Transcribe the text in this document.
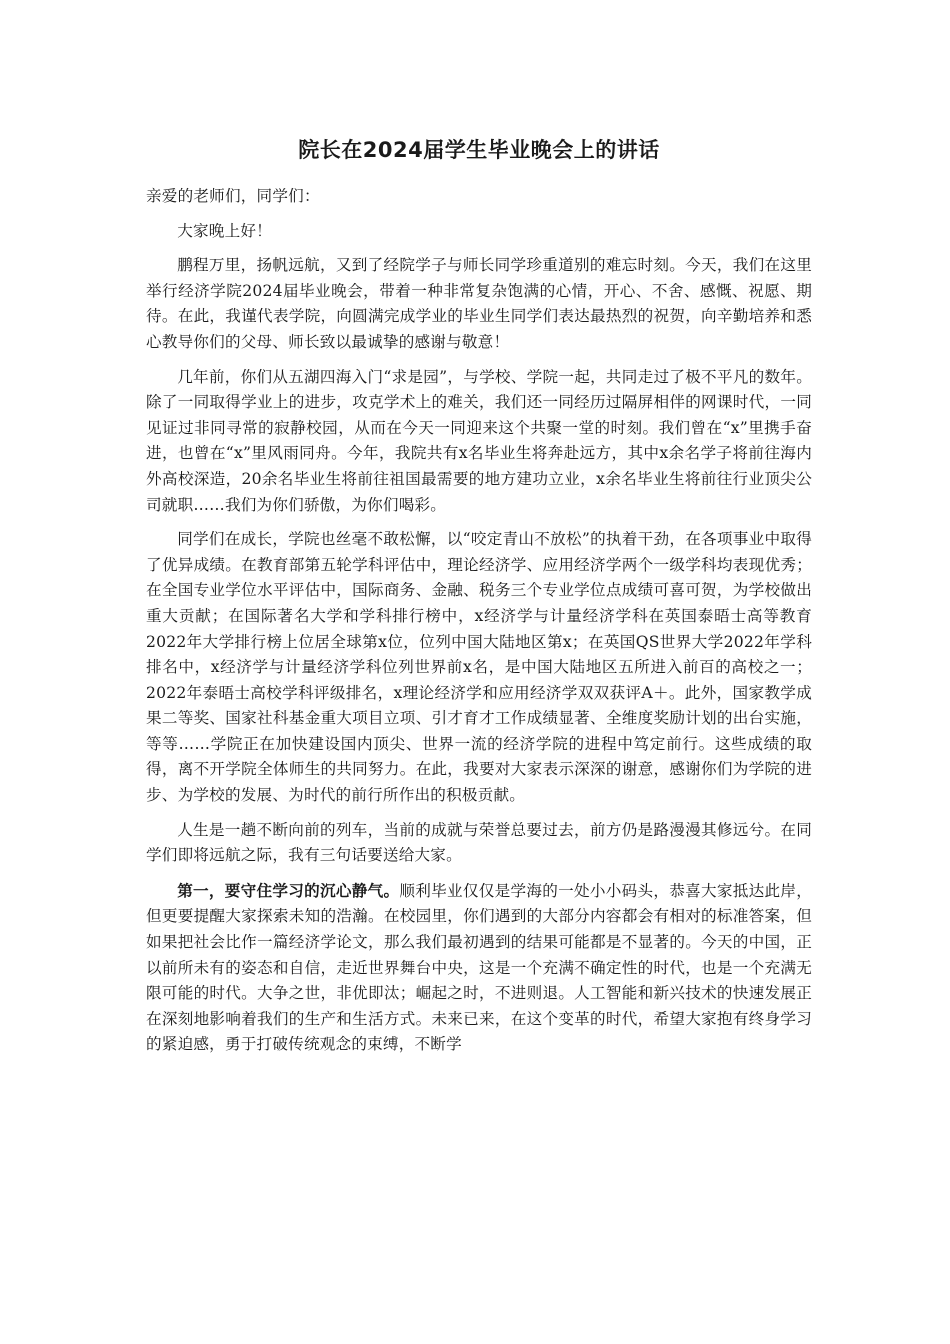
院长在2024届学生毕业晚会上的讲话

亲爱的老师们，同学们：

大家晚上好！

鹏程万里，扬帆远航，又到了经院学子与师长同学珍重道别的难忘时刻。今天，我们在这里举行经济学院2024届毕业晚会，带着一种非常复杂饱满的心情，开心、不舍、感慨、祝愿、期待。在此，我谨代表学院，向圆满完成学业的毕业生同学们表达最热烈的祝贺，向辛勤培养和悉心教导你们的父母、师长致以最诚挚的感谢与敬意！

几年前，你们从五湖四海入门“求是园”，与学校、学院一起，共同走过了极不平凡的数年。除了一同取得学业上的进步，攻克学术上的难关，我们还一同经历过隔屏相伴的网课时代，一同见证过非同寻常的寂静校园，从而在今天一同迎来这个共聚一堂的时刻。我们曾在“x”里携手奋进，也曾在“x”里风雨同舟。今年，我院共有x名毕业生将奔赴远方，其中x余名学子将前往海内外高校深造，20余名毕业生将前往祖国最需要的地方建功立业，x余名毕业生将前往行业顶尖公司就职……我们为你们骄傲，为你们喝彩。

同学们在成长，学院也丝毫不敢松懈，以“咬定青山不放松”的执着干劲，在各项事业中取得了优异成绩。在教育部第五轮学科评估中，理论经济学、应用经济学两个一级学科均表现优秀；在全国专业学位水平评估中，国际商务、金融、税务三个专业学位点成绩可喜可贺，为学校做出重大贡献；在国际著名大学和学科排行榜中，x经济学与计量经济学科在英国泰晤士高等教育2022年大学排行榜上位居全球第x位，位列中国大陆地区第x；在英国QS世界大学2022年学科排名中，x经济学与计量经济学科位列世界前x名，是中国大陆地区五所进入前百的高校之一；2022年泰晤士高校学科评级排名，x理论经济学和应用经济学双双获评A＋。此外，国家教学成果二等奖、国家社科基金重大项目立项、引才育才工作成绩显著、全维度奖励计划的出台实施，等等……学院正在加快建设国内顶尖、世界一流的经济学院的进程中笃定前行。这些成绩的取得，离不开学院全体师生的共同努力。在此，我要对大家表示深深的谢意，感谢你们为学院的进步、为学校的发展、为时代的前行所作出的积极贡献。

人生是一趟不断向前的列车，当前的成就与荣誉总要过去，前方仍是路漫漫其修远兮。在同学们即将远航之际，我有三句话要送给大家。

第一，要守住学习的沉心静气。顺利毕业仅仅是学海的一处小小码头，恭喜大家抵达此岸，但更要提醒大家探索未知的浩瀚。在校园里，你们遇到的大部分内容都会有相对的标准答案，但如果把社会比作一篇经济学论文，那么我们最初遇到的结果可能都是不显著的。今天的中国，正以前所未有的姿态和自信，走近世界舞台中央，这是一个充满不确定性的时代，也是一个充满无限可能的时代。大争之世，非优即汰；崛起之时，不进则退。人工智能和新兴技术的快速发展正在深刻地影响着我们的生产和生活方式。未来已来，在这个变革的时代，希望大家抱有终身学习的紧迫感，勇于打破传统观念的束缚，不断学
